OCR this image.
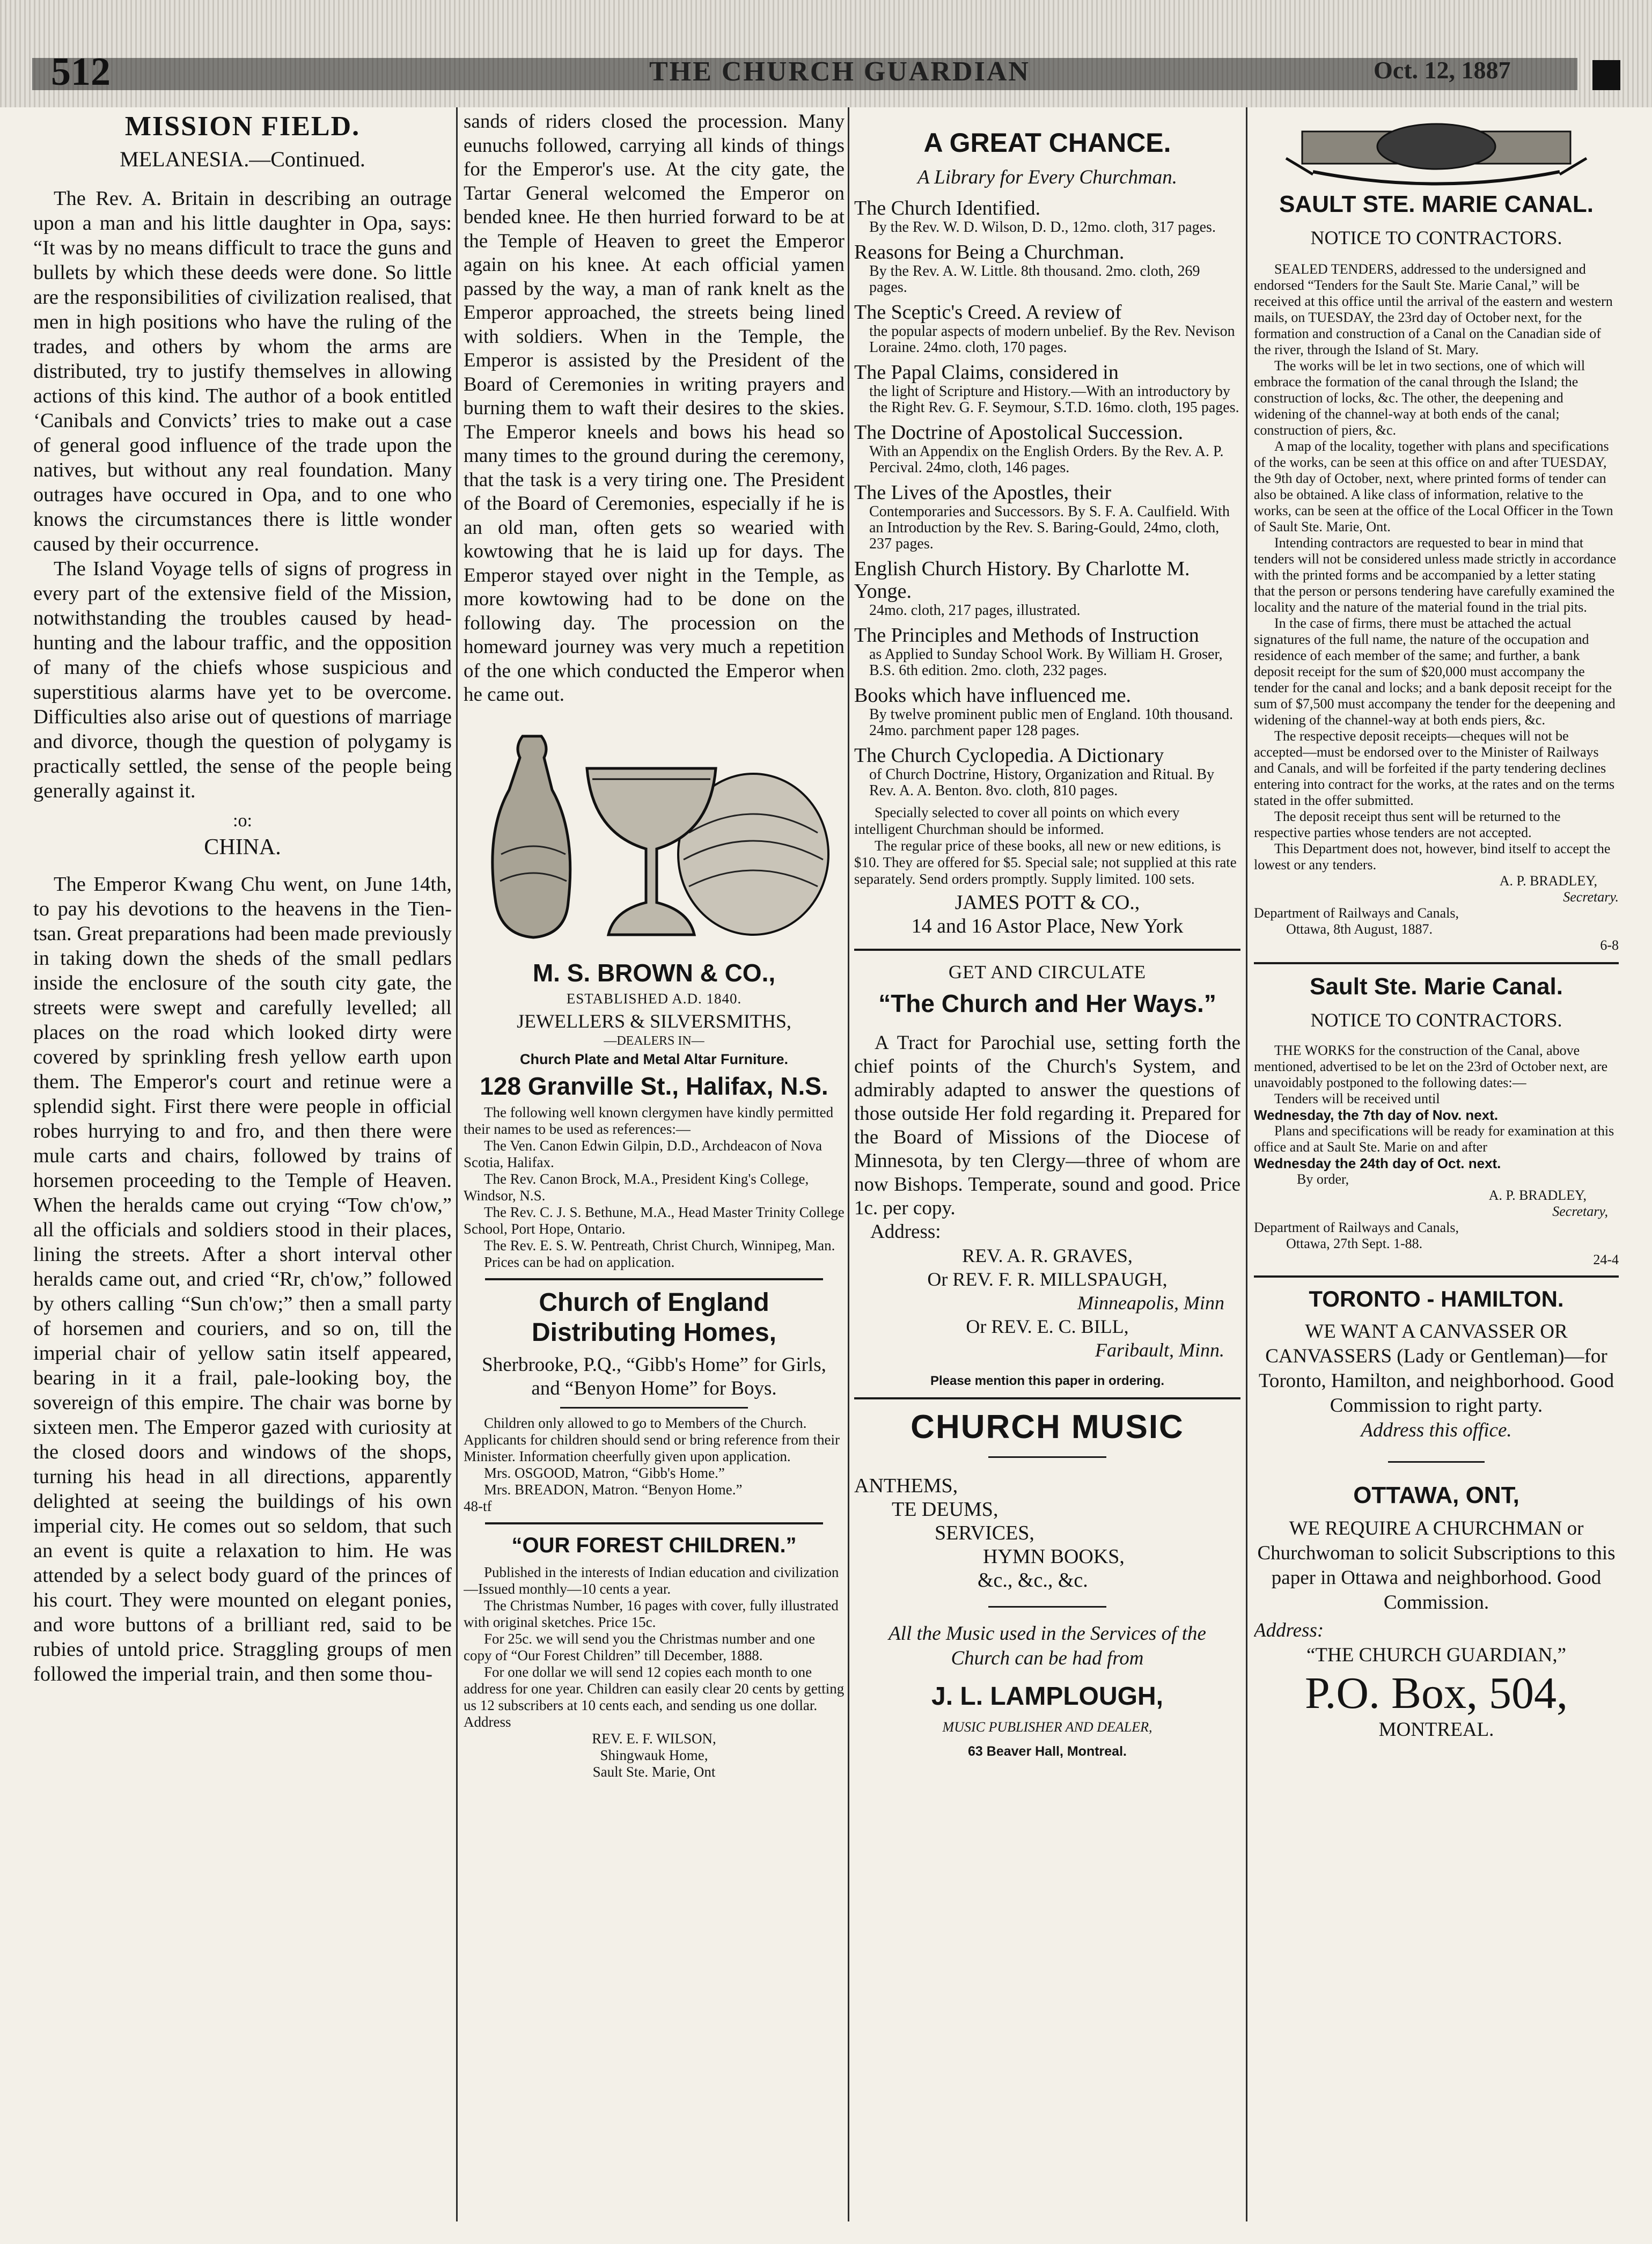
512	THE CHURCH GUARDIAN	Oct. 12, 1887
MISSION FIELD.
MELANESIA.—Continued.

The Rev. A. Britain in describing an outrage upon a man and his little daughter in Opa, says: “It was by no means difficult to trace the guns and bullets by which these deeds were done. So little are the responsibilities of civilization realised, that men in high positions who have the ruling of the trades, and others by whom the arms are distributed, try to justify themselves in allowing actions of this kind. The author of a book entitled ‘Canibals and Convicts’ tries to make out a case of general good influence of the trade upon the natives, but without any real foundation. Many outrages have occured in Opa, and to one who knows the circumstances there is little wonder caused by their occurrence.

The Island Voyage tells of signs of progress in every part of the extensive field of the Mission, notwithstanding the troubles caused by head-hunting and the labour traffic, and the opposition of many of the chiefs whose suspicious and superstitious alarms have yet to be overcome. Difficulties also arise out of questions of marriage and divorce, though the question of polygamy is practically settled, the sense of the people being generally against it.

:o:
CHINA.

The Emperor Kwang Chu went, on June 14th, to pay his devotions to the heavens in the Tien-tsan. Great preparations had been made previously in taking down the sheds of the small pedlars inside the enclosure of the south city gate, the streets were swept and carefully levelled; all places on the road which looked dirty were covered by sprinkling fresh yellow earth upon them. The Emperor's court and retinue were a splendid sight. First there were people in official robes hurrying to and fro, and then there were mule carts and chairs, followed by trains of horsemen proceeding to the Temple of Heaven. When the heralds came out crying “Tow ch'ow,” all the officials and soldiers stood in their places, lining the streets. After a short interval other heralds came out, and cried “Rr, ch'ow,” followed by others calling “Sun ch'ow;” then a small party of horsemen and couriers, and so on, till the imperial chair of yellow satin itself appeared, bearing in it a frail, pale-looking boy, the sovereign of this empire. The chair was borne by sixteen men. The Emperor gazed with curiosity at the closed doors and windows of the shops, turning his head in all directions, apparently delighted at seeing the buildings of his own imperial city. He comes out so seldom, that such an event is quite a relaxation to him. He was attended by a select body guard of the princes of his court. They were mounted on elegant ponies, and wore buttons of a brilliant red, said to be rubies of untold price. Straggling groups of men followed the imperial train, and then some thou-

sands of riders closed the procession. Many eunuchs followed, carrying all kinds of things for the Emperor's use. At the city gate, the Tartar General welcomed the Emperor on bended knee. He then hurried forward to be at the Temple of Heaven to greet the Emperor again on his knee. At each official yamen passed by the way, a man of rank knelt as the Emperor approached, the streets being lined with soldiers. When in the Temple, the Emperor is assisted by the President of the Board of Ceremonies in writing prayers and burning them to waft their desires to the skies. The Emperor kneels and bows his head so many times to the ground during the ceremony, that the task is a very tiring one. The President of the Board of Ceremonies, especially if he is an old man, often gets so wearied with kowtowing that he is laid up for days. The Emperor stayed over night in the Temple, as more kowtowing had to be done on the following day. The procession on the homeward journey was very much a repetition of the one which conducted the Emperor when he came out.

M. S. BROWN & CO.,
ESTABLISHED A.D. 1840.
JEWELLERS & SILVERSMITHS,
—DEALERS IN—
Church Plate and Metal Altar Furniture.
128 Granville St., Halifax, N.S.

The following well known clergymen have kindly permitted their names to be used as references:—

The Ven. Canon Edwin Gilpin, D.D., Archdeacon of Nova Scotia, Halifax.

The Rev. Canon Brock, M.A., President King's College, Windsor, N.S.

The Rev. C. J. S. Bethune, M.A., Head Master Trinity College School, Port Hope, Ontario.

The Rev. E. S. W. Pentreath, Christ Church, Winnipeg, Man.

Prices can be had on application.

Church of England Distributing Homes,

Sherbrooke, P.Q., “Gibb's Home” for Girls, and “Benyon Home” for Boys.

Children only allowed to go to Members of the Church. Applicants for children should send or bring reference from their Minister. Information cheerfully given upon application.

Mrs. OSGOOD, Matron, “Gibb's Home.”

Mrs. BREADON, Matron. “Benyon Home.”

48-tf

“OUR FOREST CHILDREN.”

Published in the interests of Indian education and civilization—Issued monthly—10 cents a year.

The Christmas Number, 16 pages with cover, fully illustrated with original sketches. Price 15c.

For 25c. we will send you the Christmas number and one copy of “Our Forest Children” till December, 1888.

For one dollar we will send 12 copies each month to one address for one year. Children can easily clear 20 cents by getting us 12 subscribers at 10 cents each, and sending us one dollar. Address

REV. E. F. WILSON,
Shingwauk Home,
Sault Ste. Marie, Ont
A GREAT CHANCE.
A Library for Every Churchman.
The Church Identified.
By the Rev. W. D. Wilson, D. D., 12mo. cloth, 317 pages.
Reasons for Being a Churchman.
By the Rev. A. W. Little. 8th thousand. 2mo. cloth, 269 pages.
The Sceptic's Creed. A review of
the popular aspects of modern unbelief. By the Rev. Nevison Loraine. 24mo. cloth, 170 pages.
The Papal Claims, considered in
the light of Scripture and History.—With an introductory by the Right Rev. G. F. Seymour, S.T.D. 16mo. cloth, 195 pages.
The Doctrine of Apostolical Succession.
With an Appendix on the English Orders. By the Rev. A. P. Percival. 24mo, cloth, 146 pages.
The Lives of the Apostles, their
Contemporaries and Successors. By S. F. A. Caulfield. With an Introduction by the Rev. S. Baring-Gould, 24mo, cloth, 237 pages.
English Church History. By Charlotte M. Yonge.
24mo. cloth, 217 pages, illustrated.
The Principles and Methods of Instruction
as Applied to Sunday School Work. By William H. Groser, B.S. 6th edition. 2mo. cloth, 232 pages.
Books which have influenced me.
By twelve prominent public men of England. 10th thousand. 24mo. parchment paper 128 pages.
The Church Cyclopedia. A Dictionary
of Church Doctrine, History, Organization and Ritual. By Rev. A. A. Benton. 8vo. cloth, 810 pages.

Specially selected to cover all points on which every intelligent Churchman should be informed.

The regular price of these books, all new or new editions, is $10. They are offered for $5. Special sale; not supplied at this rate separately. Send orders promptly. Supply limited. 100 sets.

JAMES POTT & CO.,
14 and 16 Astor Place, New York
GET AND CIRCULATE
“The Church and Her Ways.”

A Tract for Parochial use, setting forth the chief points of the Church's System, and admirably adapted to answer the questions of those outside Her fold regarding it. Prepared for the Board of Missions of the Diocese of Minnesota, by ten Clergy—three of whom are now Bishops. Temperate, sound and good. Price 1c. per copy.

Address:
REV. A. R. GRAVES,
Or REV. F. R. MILLSPAUGH,
Minneapolis, Minn
Or REV. E. C. BILL,
Faribault, Minn.
Please mention this paper in ordering.
CHURCH MUSIC
ANTHEMS,
TE DEUMS,
SERVICES,
HYMN BOOKS,
&c., &c., &c.

All the Music used in the Services of the Church can be had from

J. L. LAMPLOUGH,
MUSIC PUBLISHER AND DEALER,
63 Beaver Hall, Montreal.
SAULT STE. MARIE CANAL.
NOTICE TO CONTRACTORS.

SEALED TENDERS, addressed to the undersigned and endorsed “Tenders for the Sault Ste. Marie Canal,” will be received at this office until the arrival of the eastern and western mails, on TUESDAY, the 23rd day of October next, for the formation and construction of a Canal on the Canadian side of the river, through the Island of St. Mary.

The works will be let in two sections, one of which will embrace the formation of the canal through the Island; the construction of locks, &c. The other, the deepening and widening of the channel-way at both ends of the canal; construction of piers, &c.

A map of the locality, together with plans and specifications of the works, can be seen at this office on and after TUESDAY, the 9th day of October, next, where printed forms of tender can also be obtained. A like class of information, relative to the works, can be seen at the office of the Local Officer in the Town of Sault Ste. Marie, Ont.

Intending contractors are requested to bear in mind that tenders will not be considered unless made strictly in accordance with the printed forms and be accompanied by a letter stating that the person or persons tendering have carefully examined the locality and the nature of the material found in the trial pits.

In the case of firms, there must be attached the actual signatures of the full name, the nature of the occupation and residence of each member of the same; and further, a bank deposit receipt for the sum of $20,000 must accompany the tender for the canal and locks; and a bank deposit receipt for the sum of $7,500 must accompany the tender for the deepening and widening of the channel-way at both ends piers, &c.

The respective deposit receipts—cheques will not be accepted—must be endorsed over to the Minister of Railways and Canals, and will be forfeited if the party tendering declines entering into contract for the works, at the rates and on the terms stated in the offer submitted.

The deposit receipt thus sent will be returned to the respective parties whose tenders are not accepted.

This Department does not, however, bind itself to accept the lowest or any tenders.

A. P. BRADLEY,
Secretary.
Department of Railways and Canals,
Ottawa, 8th August, 1887.
6-8
Sault Ste. Marie Canal.
NOTICE TO CONTRACTORS.

THE WORKS for the construction of the Canal, above mentioned, advertised to be let on the 23rd of October next, are unavoidably postponed to the following dates:—

Tenders will be received until

Wednesday, the 7th day of Nov. next.

Plans and specifications will be ready for examination at this office and at Sault Ste. Marie on and after

Wednesday the 24th day of Oct. next.

By order,

A. P. BRADLEY,
Secretary,
Department of Railways and Canals,
Ottawa, 27th Sept. 1-88.
24-4
TORONTO - HAMILTON.

WE WANT A CANVASSER OR CANVASSERS (Lady or Gentleman)—for Toronto, Hamilton, and neighborhood. Good Commission to right party.

Address this office.

OTTAWA, ONT,

WE REQUIRE A CHURCHMAN or Churchwoman to solicit Subscriptions to this paper in Ottawa and neighborhood. Good Commission.

Address:
“THE CHURCH GUARDIAN,”
P.O. Box, 504,
MONTREAL.
